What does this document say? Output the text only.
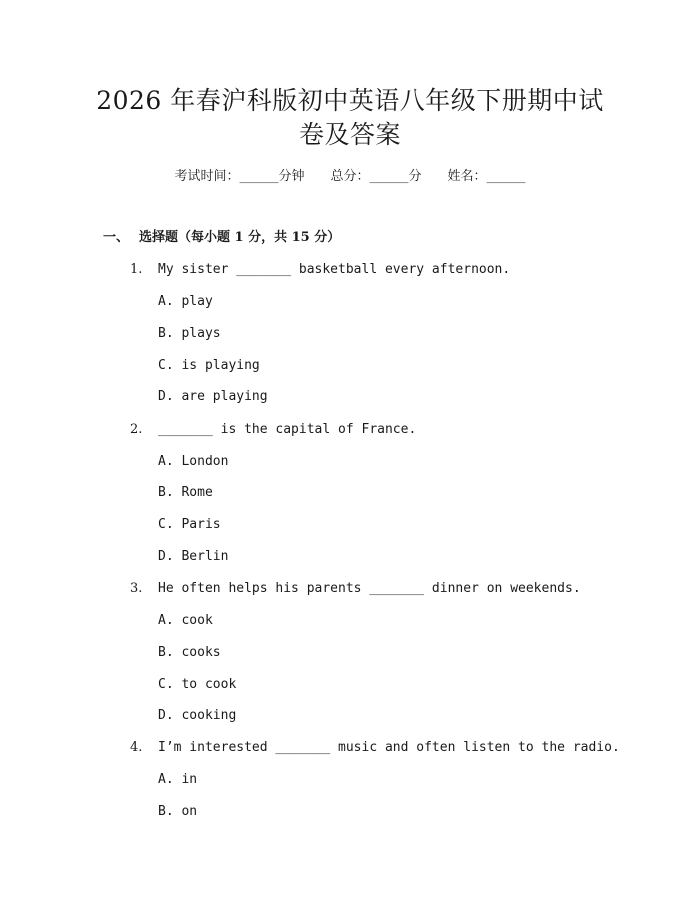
2026 年春沪科版初中英语八年级下册期中试
卷及答案
考试时间：______分钟 总分：______分 姓名：______
一、 选择题（每小题 1 分，共 15 分）
1. My sister _______ basketball every afternoon.
A. play
B. plays
C. is playing
D. are playing
2. _______ is the capital of France.
A. London
B. Rome
C. Paris
D. Berlin
3. He often helps his parents _______ dinner on weekends.
A. cook
B. cooks
C. to cook
D. cooking
4. I’m interested _______ music and often listen to the radio.
A. in
B. on
